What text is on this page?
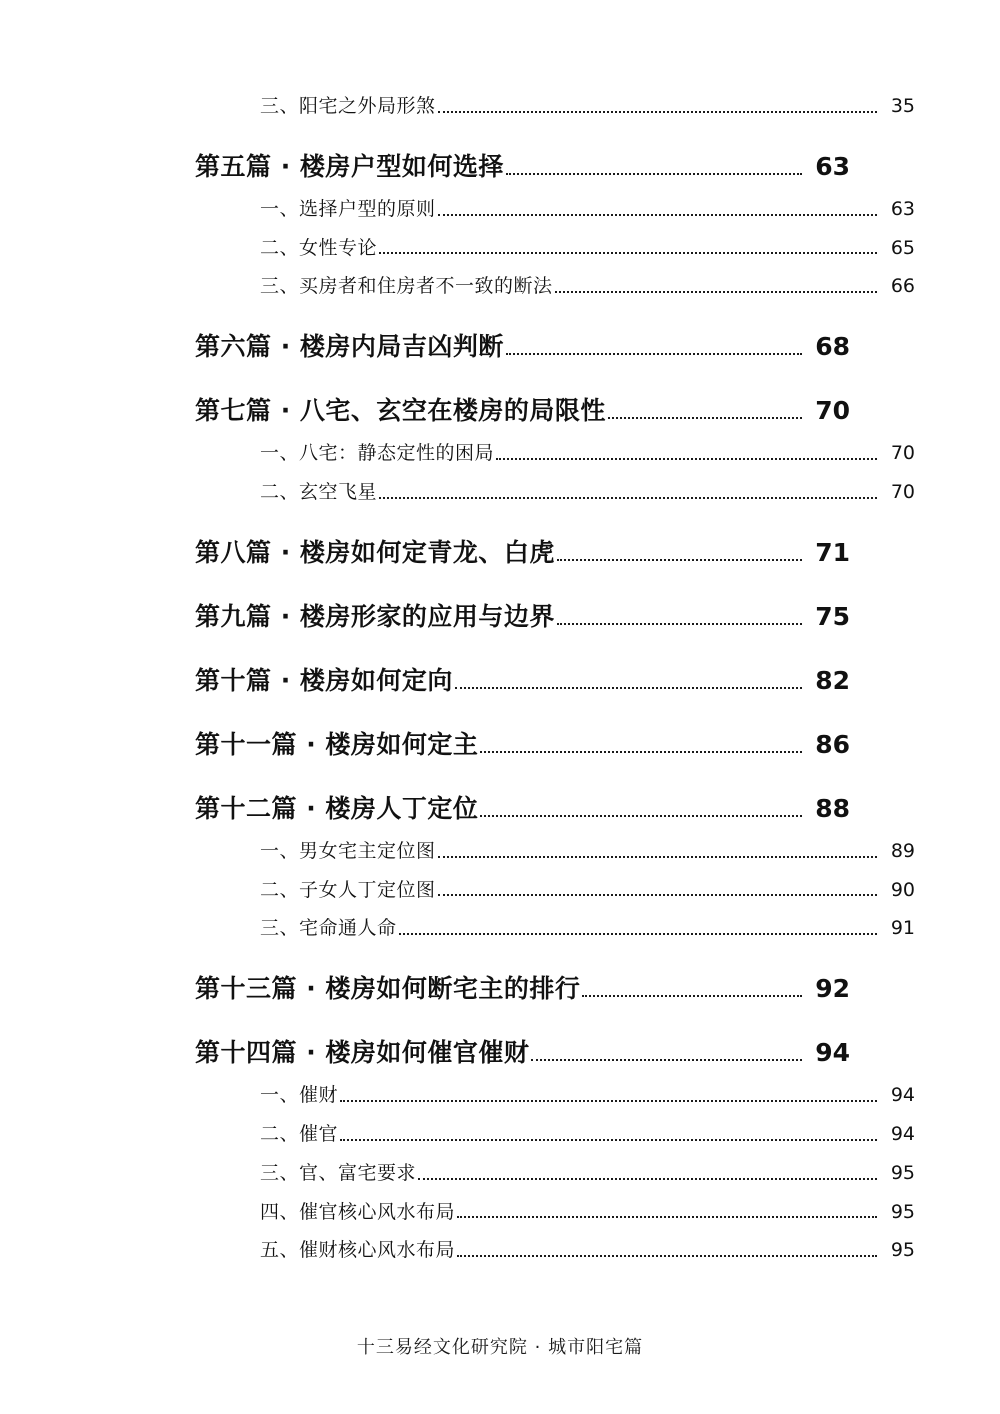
三、阳宅之外局形煞	35
第五篇 · 楼房户型如何选择	63
一、选择户型的原则	63
二、女性专论	65
三、买房者和住房者不一致的断法	66
第六篇 · 楼房内局吉凶判断	68
第七篇 · 八宅、玄空在楼房的局限性	70
一、八宅：静态定性的困局	70
二、玄空飞星	70
第八篇 · 楼房如何定青龙、白虎	71
第九篇 · 楼房形家的应用与边界	75
第十篇 · 楼房如何定向	82
第十一篇 · 楼房如何定主	86
第十二篇 · 楼房人丁定位	88
一、男女宅主定位图	89
二、子女人丁定位图	90
三、宅命通人命	91
第十三篇 · 楼房如何断宅主的排行	92
第十四篇 · 楼房如何催官催财	94
一、催财	94
二、催官	94
三、官、富宅要求	95
四、催官核心风水布局	95
五、催财核心风水布局	95
十三易经文化研究院 · 城市阳宅篇
